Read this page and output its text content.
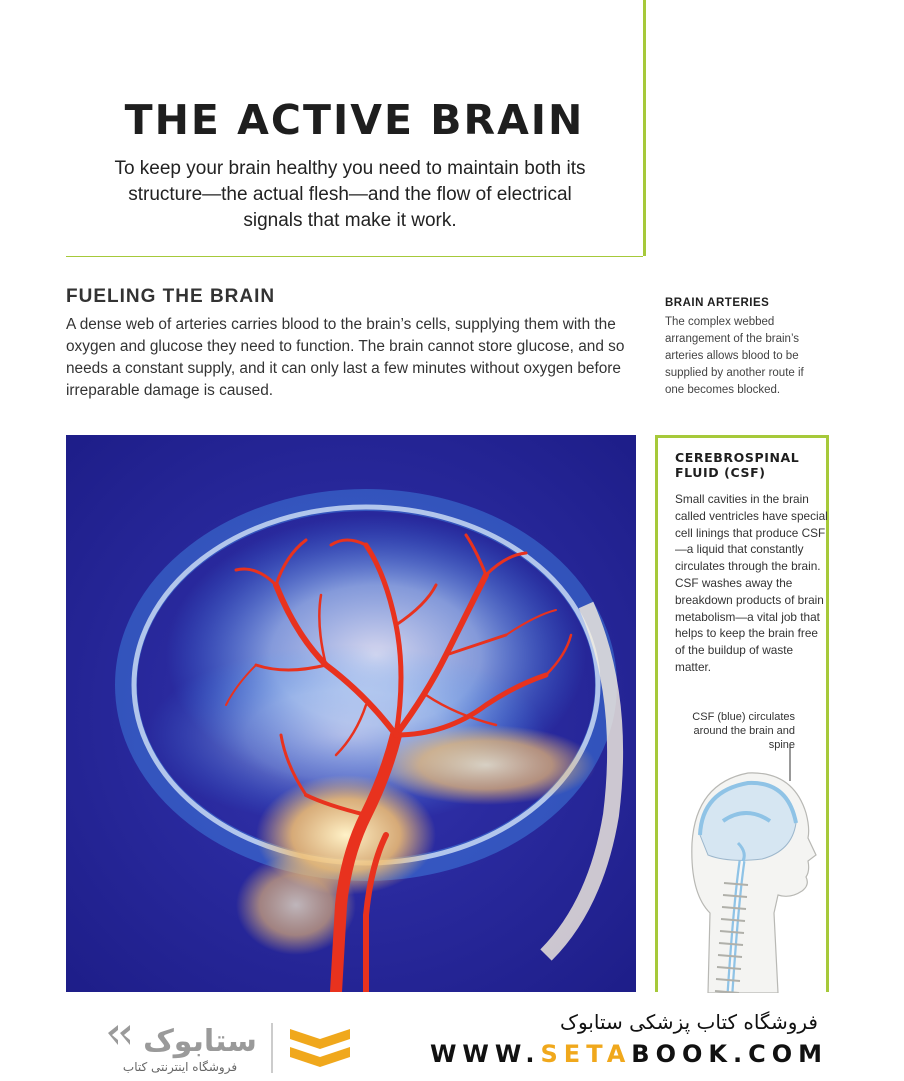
THE ACTIVE BRAIN

To keep your brain healthy you need to maintain both its structure—the actual flesh—and the flow of electrical signals that make it work.

FUELING THE BRAIN

A dense web of arteries carries blood to the brain’s cells, supplying them with the oxygen and glucose they need to function. The brain cannot store glucose, and so needs a constant supply, and it can only last a few minutes without oxygen before irreparable damage is caused.

BRAIN ARTERIES

The complex webbed arrangement of the brain’s arteries allows blood to be supplied by another route if one becomes blocked.

CEREBROSPINAL FLUID (CSF)

Small cavities in the brain called ventricles have special cell linings that produce CSF—a liquid that constantly circulates through the brain. CSF washes away the breakdown products of brain metabolism—a vital job that helps to keep the brain free of the buildup of waste matter.

CSF (blue) circulates around the brain and spine
ستابوک
فروشگاه اینترنتی کتاب
فروشگاه کتاب پزشکی ستابوک
WWW.SETABOOK.COM
